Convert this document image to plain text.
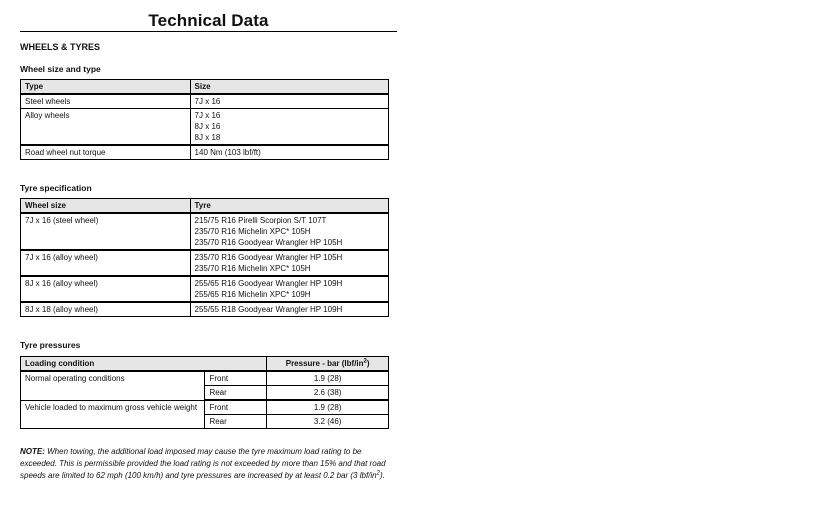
Technical Data
WHEELS & TYRES
Wheel size and type
Type	Size
Steel wheels	7J x 16
Alloy wheels	7J x 16
8J x 16
8J x 18

Road wheel nut torque	140 Nm (103 lbf/ft)
Tyre specification
Wheel size	Tyre
7J x 16 (steel wheel)	215/75 R16 Pirelli Scorpion S/T 107T
235/70 R16 Michelin XPC* 105H
235/70 R16 Goodyear Wrangler HP 105H

7J x 16 (alloy wheel)	235/70 R16 Goodyear Wrangler HP 105H
235/70 R16 Michelin XPC* 105H

8J x 16 (alloy wheel)	255/65 R16 Goodyear Wrangler HP 109H
255/65 R16 Michelin XPC* 109H

8J x 18 (alloy wheel)	255/55 R18 Goodyear Wrangler HP 109H
Tyre pressures
Loading condition		Pressure - bar $(lbf/in^2)$
Normal operating conditions	Front	1.9 (28)
	Rear	2.6 (38)
Vehicle loaded to maximum gross vehicle weight	Front	1.9 (28)
	Rear	3.2 (46)
NOTE: When towing, the additional load imposed may cause the tyre maximum load rating to be exceeded. This is permissible provided the load rating is not exceeded by more than 15% and that road speeds are limited to 62 mph (100 km/h) and tyre pressures are increased by at least 0.2 bar (3 lbf/$in^2$).
